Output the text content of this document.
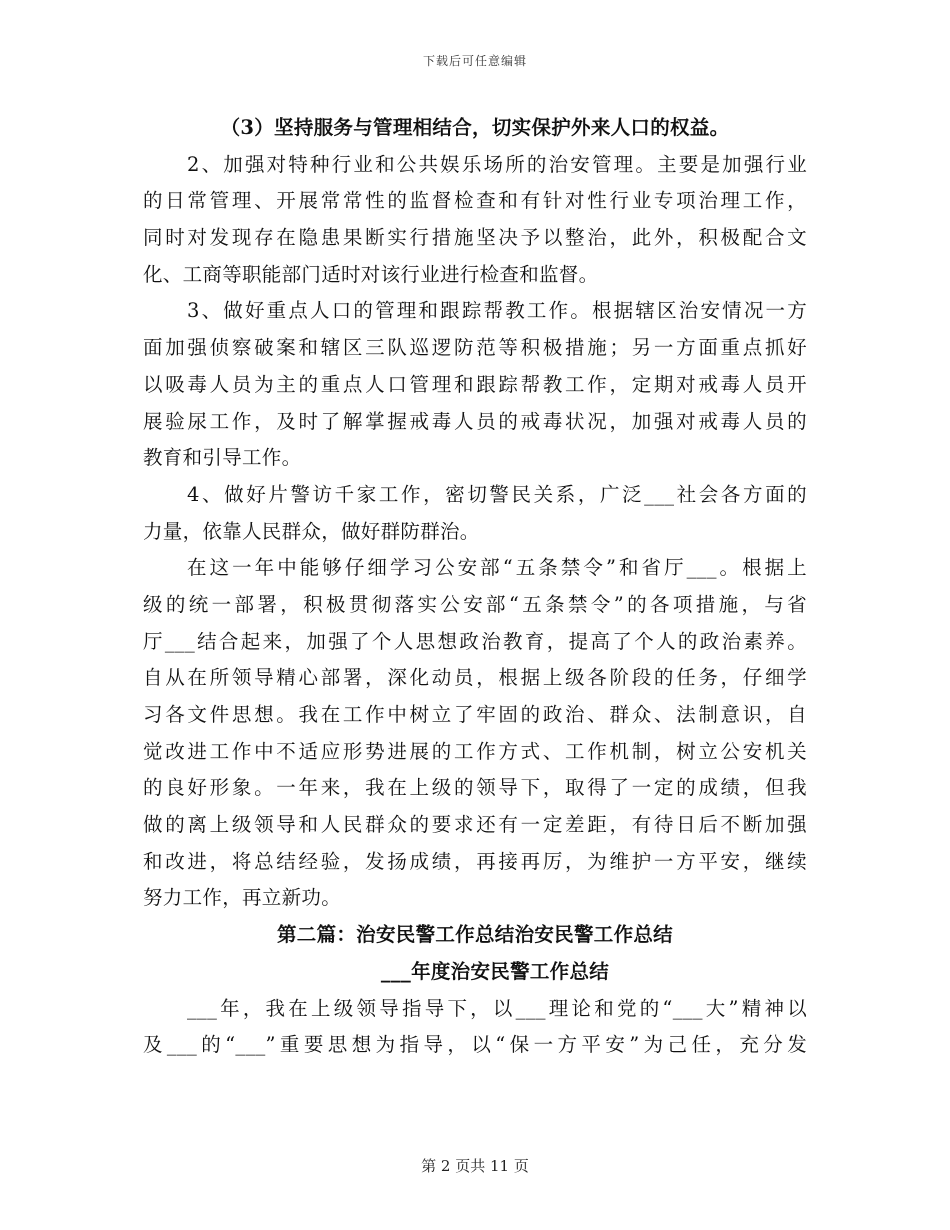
下载后可任意编辑
（3）坚持服务与管理相结合，切实保护外来人口的权益。
2、加强对特种行业和公共娱乐场所的治安管理。主要是加强行业
的日常管理、开展常常性的监督检查和有针对性行业专项治理工作，
同时对发现存在隐患果断实行措施坚决予以整治，此外，积极配合文
化、工商等职能部门适时对该行业进行检查和监督。
3、做好重点人口的管理和跟踪帮教工作。根据辖区治安情况一方
面加强侦察破案和辖区三队巡逻防范等积极措施；另一方面重点抓好
以吸毒人员为主的重点人口管理和跟踪帮教工作，定期对戒毒人员开
展验尿工作，及时了解掌握戒毒人员的戒毒状况，加强对戒毒人员的
教育和引导工作。
4、做好片警访千家工作，密切警民关系，广泛___社会各方面的
力量，依靠人民群众，做好群防群治。
在这一年中能够仔细学习公安部“五条禁令”和省厅___。根据上
级的统一部署，积极贯彻落实公安部“五条禁令”的各项措施，与省
厅___结合起来，加强了个人思想政治教育，提高了个人的政治素养。
自从在所领导精心部署，深化动员，根据上级各阶段的任务，仔细学
习各文件思想。我在工作中树立了牢固的政治、群众、法制意识，自
觉改进工作中不适应形势进展的工作方式、工作机制，树立公安机关
的良好形象。一年来，我在上级的领导下，取得了一定的成绩，但我
做的离上级领导和人民群众的要求还有一定差距，有待日后不断加强
和改进，将总结经验，发扬成绩，再接再厉，为维护一方平安，继续
努力工作，再立新功。
第二篇：治安民警工作总结治安民警工作总结
___年度治安民警工作总结
___年，我在上级领导指导下，以___理论和党的“___大”精神以
及___的“___”重要思想为指导，以“保一方平安”为己任，充分发
第 2 页共 11 页
